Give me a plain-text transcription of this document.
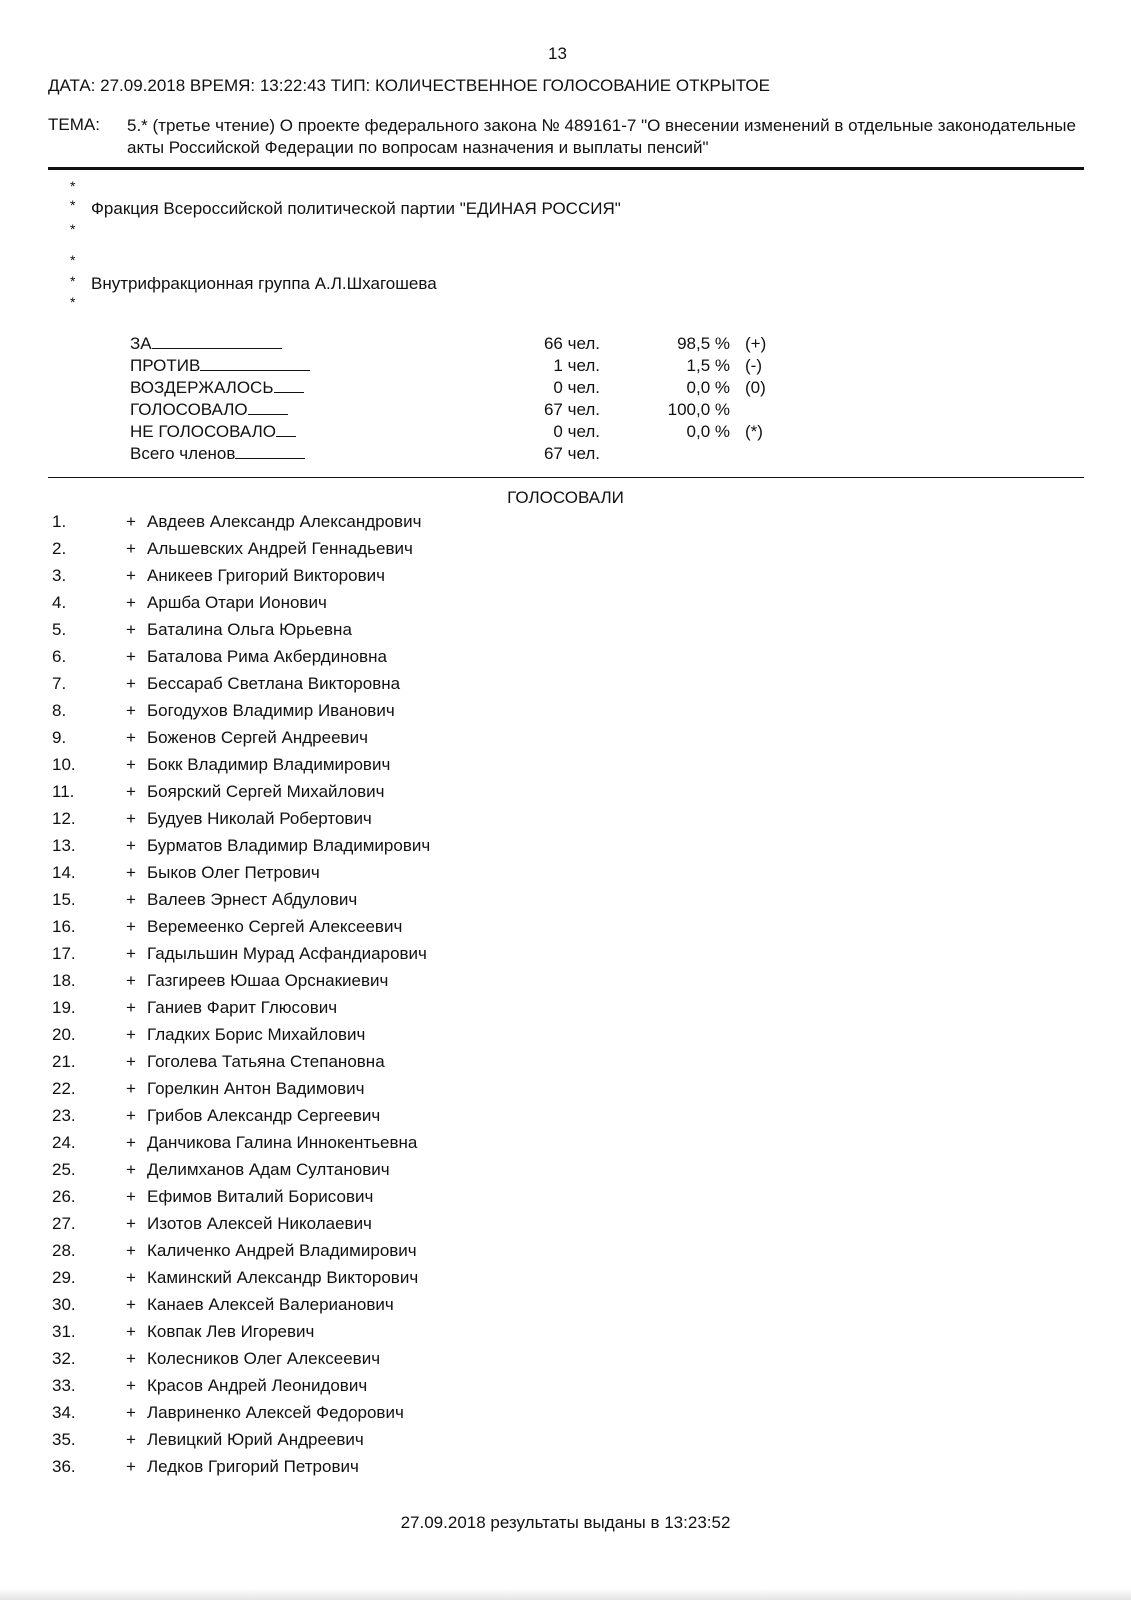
13
ДАТА: 27.09.2018 ВРЕМЯ: 13:22:43 ТИП: КОЛИЧЕСТВЕННОЕ ГОЛОСОВАНИЕ ОТКРЫТОЕ
ТЕМА: 5.* (третье чтение) О проекте федерального закона № 489161-7 "О внесении изменений в отдельные законодательные акты Российской Федерации по вопросам назначения и выплаты пенсий"
*
*
*
*
*
*
Фракция Всероссийской политической партии "ЕДИНАЯ РОССИЯ"
Внутрифракционная группа А.Л.Шхагошева
ЗА	66 чел.	98,5 % (+)
ПРОТИВ	1 чел.	1,5 % (-)
ВОЗДЕРЖАЛОСЬ	0 чел.	0,0 % (0)
ГОЛОСОВАЛО	67 чел.	100,0 %
НЕ ГОЛОСОВАЛО	0 чел.	0,0 % (*)
Всего членов	67 чел.
ГОЛОСОВАЛИ
1.	+ Авдеев Александр Александрович
2.	+ Альшевских Андрей Геннадьевич
3.	+ Аникеев Григорий Викторович
4.	+ Аршба Отари Ионович
5.	+ Баталина Ольга Юрьевна
6.	+ Баталова Рима Акбердиновна
7.	+ Бессараб Светлана Викторовна
8.	+ Богодухов Владимир Иванович
9.	+ Боженов Сергей Андреевич
10.	+ Бокк Владимир Владимирович
11.	+ Боярский Сергей Михайлович
12.	+ Будуев Николай Робертович
13.	+ Бурматов Владимир Владимирович
14.	+ Быков Олег Петрович
15.	+ Валеев Эрнест Абдулович
16.	+ Веремеенко Сергей Алексеевич
17.	+ Гадыльшин Мурад Асфандиарович
18.	+ Газгиреев Юшаа Орснакиевич
19.	+ Ганиев Фарит Глюсович
20.	+ Гладких Борис Михайлович
21.	+ Гоголева Татьяна Степановна
22.	+ Горелкин Антон Вадимович
23.	+ Грибов Александр Сергеевич
24.	+ Данчикова Галина Иннокентьевна
25.	+ Делимханов Адам Султанович
26.	+ Ефимов Виталий Борисович
27.	+ Изотов Алексей Николаевич
28.	+ Каличенко Андрей Владимирович
29.	+ Каминский Александр Викторович
30.	+ Канаев Алексей Валерианович
31.	+ Ковпак Лев Игоревич
32.	+ Колесников Олег Алексеевич
33.	+ Красов Андрей Леонидович
34.	+ Лавриненко Алексей Федорович
35.	+ Левицкий Юрий Андреевич
36.	+ Ледков Григорий Петрович
27.09.2018 результаты выданы в 13:23:52
